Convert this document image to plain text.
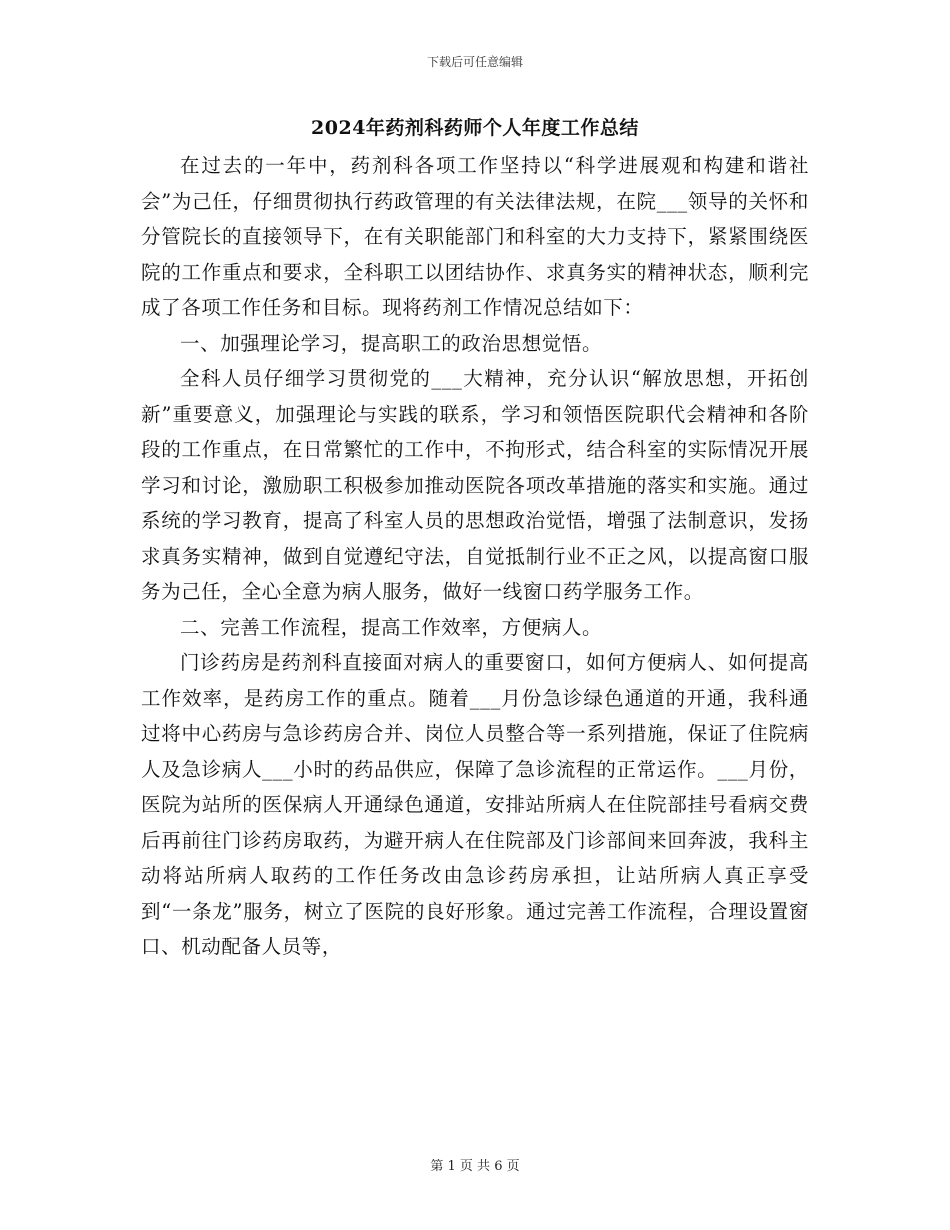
下载后可任意编辑
2024年药剂科药师个人年度工作总结

在过去的一年中，药剂科各项工作坚持以“科学进展观和构建和谐社会”为己任，仔细贯彻执行药政管理的有关法律法规，在院___领导的关怀和分管院长的直接领导下，在有关职能部门和科室的大力支持下，紧紧围绕医院的工作重点和要求，全科职工以团结协作、求真务实的精神状态，顺利完成了各项工作任务和目标。现将药剂工作情况总结如下：

一、加强理论学习，提高职工的政治思想觉悟。

全科人员仔细学习贯彻党的___大精神，充分认识“解放思想，开拓创新”重要意义，加强理论与实践的联系，学习和领悟医院职代会精神和各阶段的工作重点，在日常繁忙的工作中，不拘形式，结合科室的实际情况开展学习和讨论，激励职工积极参加推动医院各项改革措施的落实和实施。通过系统的学习教育，提高了科室人员的思想政治觉悟，增强了法制意识，发扬求真务实精神，做到自觉遵纪守法，自觉抵制行业不正之风，以提高窗口服务为己任，全心全意为病人服务，做好一线窗口药学服务工作。

二、完善工作流程，提高工作效率，方便病人。

门诊药房是药剂科直接面对病人的重要窗口，如何方便病人、如何提高工作效率，是药房工作的重点。随着___月份急诊绿色通道的开通，我科通过将中心药房与急诊药房合并、岗位人员整合等一系列措施，保证了住院病人及急诊病人___小时的药品供应，保障了急诊流程的正常运作。___月份，医院为站所的医保病人开通绿色通道，安排站所病人在住院部挂号看病交费后再前往门诊药房取药，为避开病人在住院部及门诊部间来回奔波，我科主动将站所病人取药的工作任务改由急诊药房承担，让站所病人真正享受到“一条龙”服务，树立了医院的良好形象。通过完善工作流程，合理设置窗口、机动配备人员等，

第 1 页 共 6 页
